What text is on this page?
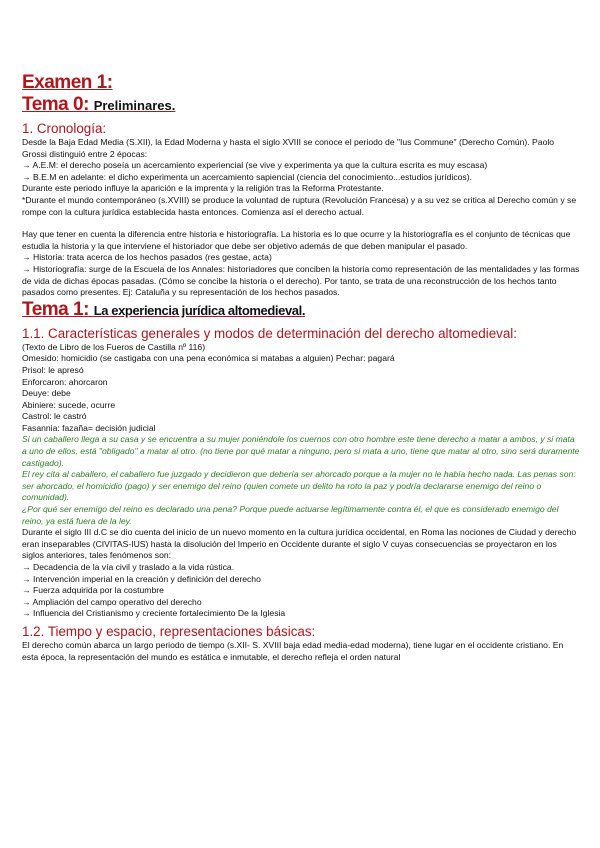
Examen 1:
Tema 0: Preliminares.
1. Cronología:

Desde la Baja Edad Media (S.XII), la Edad Moderna y hasta el siglo XVIII se conoce el periodo de "Ius Commune" (Derecho Común). Paolo Grossi distinguió entre 2 épocas:

→ A.E.M: el derecho poseía un acercamiento experiencial (se vive y experimenta ya que la cultura escrita es muy escasa)
→ B.E.M en adelante: el dicho experimenta un acercamiento sapiencial (ciencia del conocimiento...estudios jurídicos).
Durante este periodo influye la aparición e la imprenta y la religión tras la Reforma Protestante.

*Durante el mundo contemporáneo (s.XVIII) se produce la voluntad de ruptura (Revolución Francesa) y a su vez se critica al Derecho común y se rompe con la cultura jurídica establecida hasta entonces. Comienza así el derecho actual.

Hay que tener en cuenta la diferencia entre historia e historiografía. La historia es lo que ocurre y la historiografía es el conjunto de técnicas que estudia la historia y la que interviene el historiador que debe ser objetivo además de que deben manipular el pasado.

→ Historia: trata acerca de los hechos pasados (res gestae, acta)

→ Historiografía: surge de la Escuela de los Annales: historiadores que conciben la historia como representación de las mentalidades y las formas de vida de dichas épocas pasadas. (Cómo se concibe la historia o el derecho). Por tanto, se trata de una reconstrucción de los hechos tanto pasados como presentes. Ej: Cataluña y su representación de los hechos pasados.

Tema 1: La experiencia jurídica altomedieval.
1.1. Características generales y modos de determinación del derecho altomedieval:
(Texto de Libro de los Fueros de Castilla nº 116)
Omesido: homicidio (se castigaba con una pena económica si matabas a alguien) Pechar: pagará
Prisol: le apresó
Enforcaron: ahorcaron
Deuye: debe
Abiniere: sucede, ocurre
Castrol: le castró
Fasannia: fazaña= decisión judicial

Si un caballero llega a su casa y se encuentra a su mujer poniéndole los cuernos con otro hombre este tiene derecho a matar a ambos, y si mata a uno de ellos, está "obligado" a matar al otro. (no tiene por qué matar a ninguno, pero si mata a uno, tiene que matar al otro, sino será duramente castigado).

El rey cita al caballero, el caballero fue juzgado y decidieron que debería ser ahorcado porque a la mujer no le había hecho nada. Las penas son: ser ahorcado, el homicidio (pago) y ser enemigo del reino (quien comete un delito ha roto la paz y podría declararse enemigo del reino o comunidad).

¿Por qué ser enemigo del reino es declarado una pena? Porque puede actuarse legítimamente contra él, el que es considerado enemigo del reino, ya está fuera de la ley.

Durante el siglo III d.C se dio cuenta del inicio de un nuevo momento en la cultura jurídica occidental, en Roma las nociones de Ciudad y derecho eran inseparables (CIVITAS-IUS) hasta la disolución del Imperio en Occidente durante el siglo V cuyas consecuencias se proyectaron en los siglos anteriores, tales fenómenos son:

→ Decadencia de la vía civil y traslado a la vida rústica.
→ Intervención imperial en la creación y definición del derecho
→ Fuerza adquirida por la costumbre
→ Ampliación del campo operativo del derecho
→ Influencia del Cristianismo y creciente fortalecimiento De la Iglesia
1.2. Tiempo y espacio, representaciones básicas:

El derecho común abarca un largo periodo de tiempo (s.XII- S. XVIII baja edad media-edad moderna), tiene lugar en el occidente cristiano. En esta época, la representación del mundo es estática e inmutable, el derecho refleja el orden natural
